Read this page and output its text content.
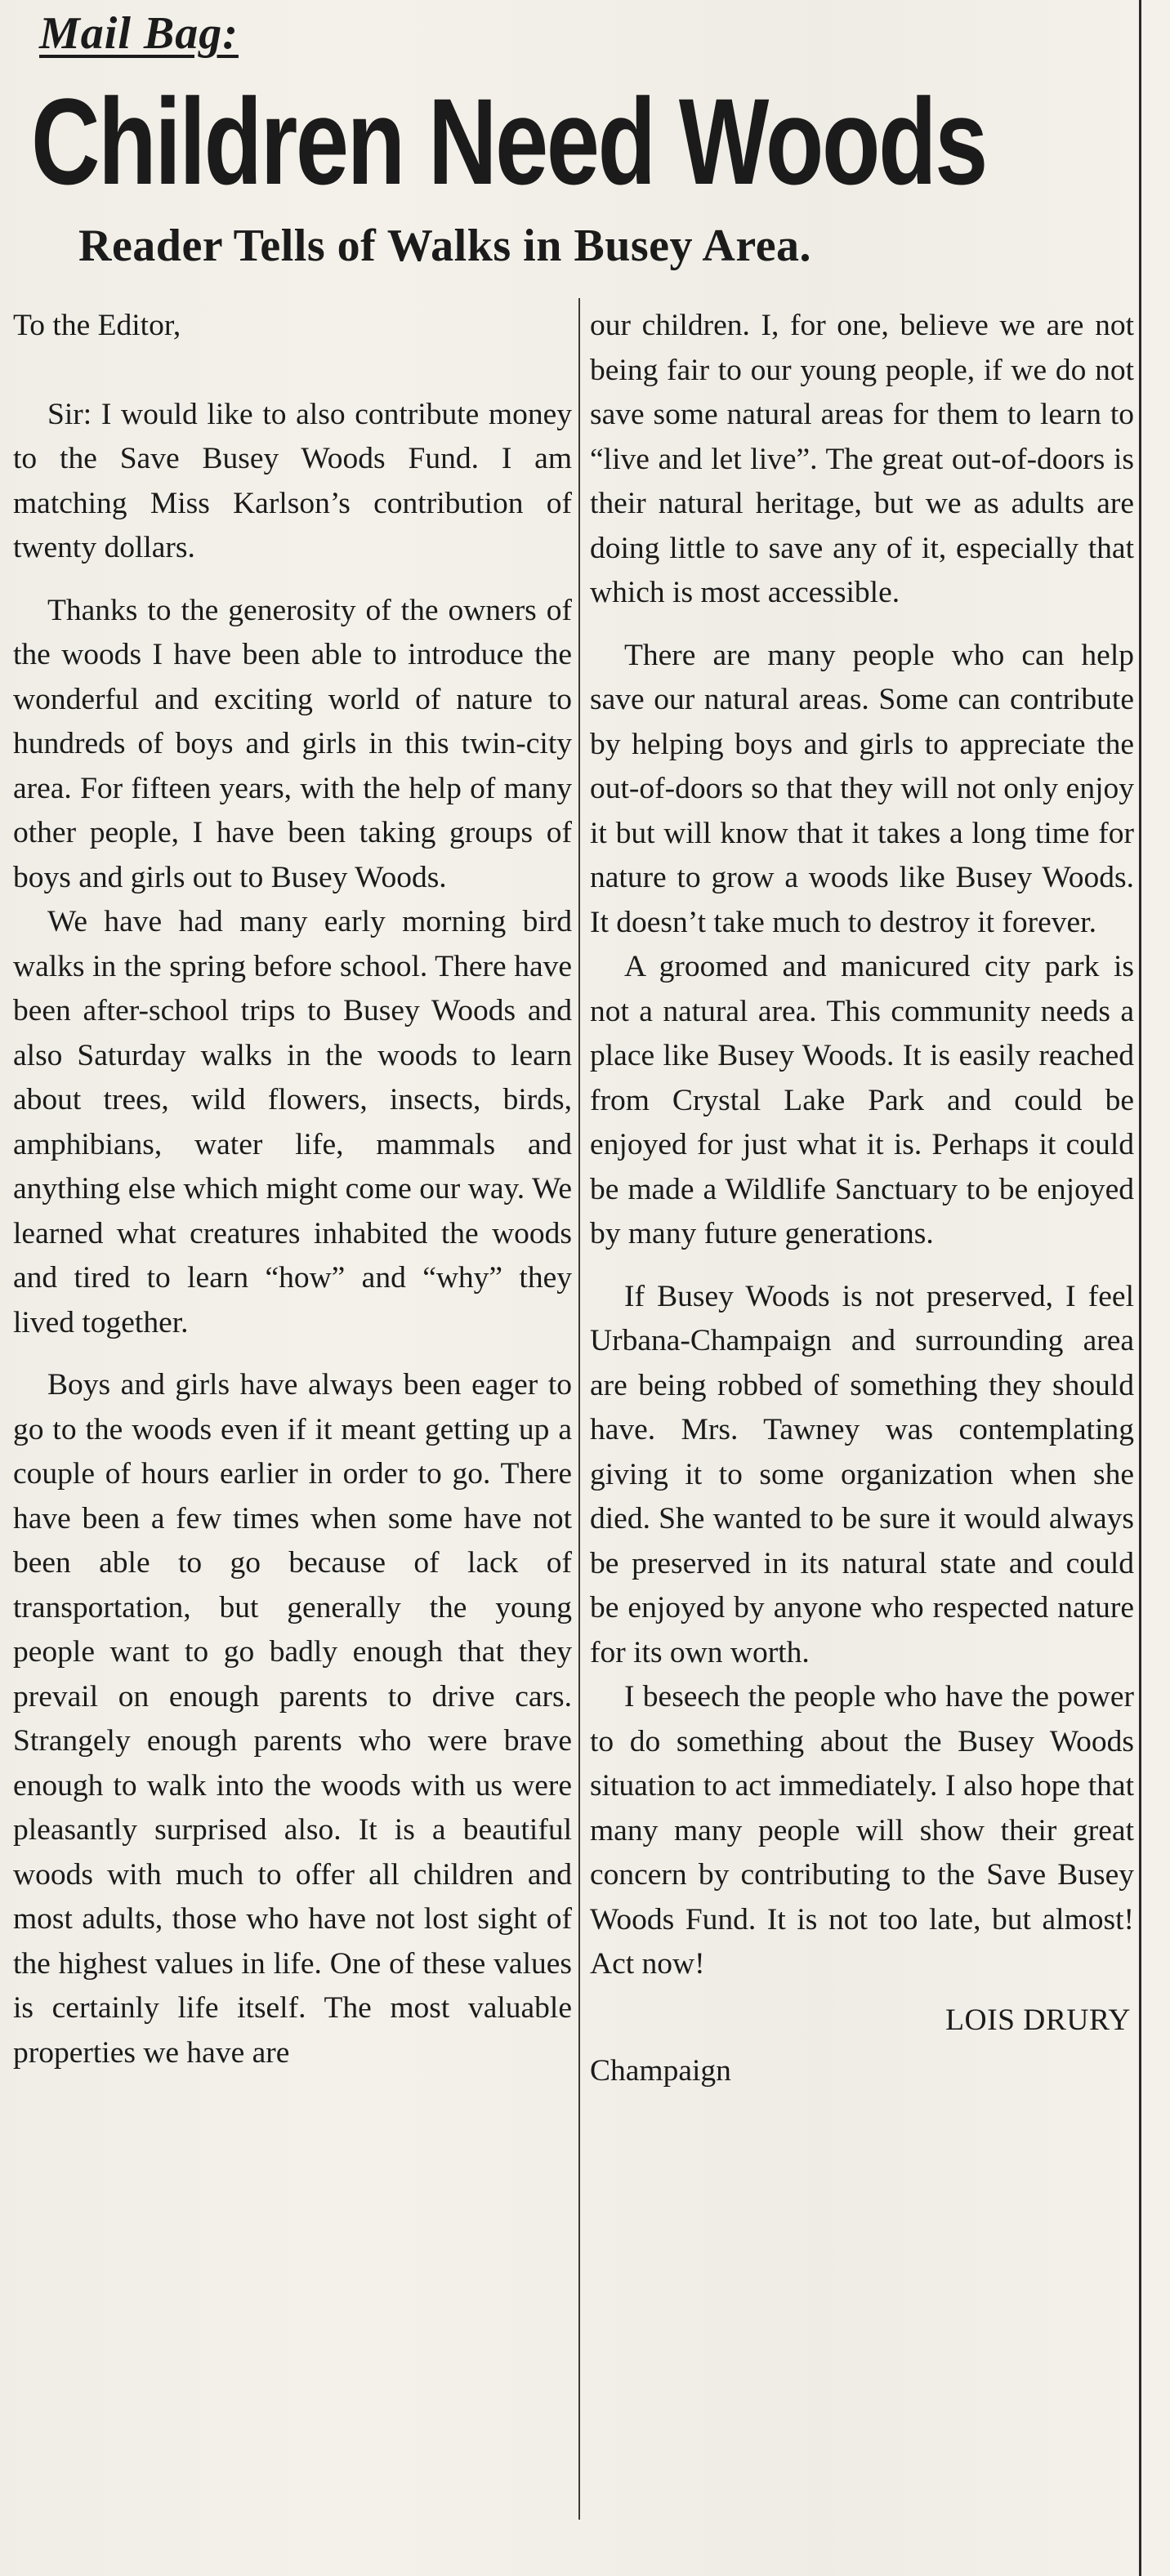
Mail Bag:
Children Need Woods
Reader Tells of Walks in Busey Area.

To the Editor,

Sir: I would like to also contribute money to the Save Busey Woods Fund. I am matching Miss Karlson’s contribution of twenty dollars.

Thanks to the generosity of the owners of the woods I have been able to introduce the wonderful and exciting world of nature to hundreds of boys and girls in this twin-city area. For fifteen years, with the help of many other people, I have been taking groups of boys and girls out to Busey Woods.

We have had many early morning bird walks in the spring before school. There have been after-school trips to Busey Woods and also Saturday walks in the woods to learn about trees, wild flowers, insects, birds, amphibians, water life, mammals and anything else which might come our way. We learned what creatures inhabited the woods and tired to learn “how” and “why” they lived together.

Boys and girls have always been eager to go to the woods even if it meant getting up a couple of hours earlier in order to go. There have been a few times when some have not been able to go because of lack of transportation, but generally the young people want to go badly enough that they prevail on enough parents to drive cars. Strangely enough parents who were brave enough to walk into the woods with us were pleasantly surprised also. It is a beautiful woods with much to offer all children and most adults, those who have not lost sight of the highest values in life. One of these values is certainly life itself. The most valuable properties we have are

our children. I, for one, believe we are not being fair to our young people, if we do not save some natural areas for them to learn to “live and let live”. The great out-of-doors is their natural heritage, but we as adults are doing little to save any of it, especially that which is most accessible.

There are many people who can help save our natural areas. Some can contribute by helping boys and girls to appreciate the out-of-doors so that they will not only enjoy it but will know that it takes a long time for nature to grow a woods like Busey Woods. It doesn’t take much to destroy it forever.

A groomed and manicured city park is not a natural area. This community needs a place like Busey Woods. It is easily reached from Crystal Lake Park and could be enjoyed for just what it is. Perhaps it could be made a Wildlife Sanctuary to be enjoyed by many future generations.

If Busey Woods is not preserved, I feel Urbana-Champaign and surrounding area are being robbed of something they should have. Mrs. Tawney was contemplating giving it to some organization when she died. She wanted to be sure it would always be preserved in its natural state and could be enjoyed by anyone who respected nature for its own worth.

I beseech the people who have the power to do something about the Busey Woods situation to act immediately. I also hope that many many people will show their great concern by contributing to the Save Busey Woods Fund. It is not too late, but almost! Act now!

LOIS DRURY

Champaign
